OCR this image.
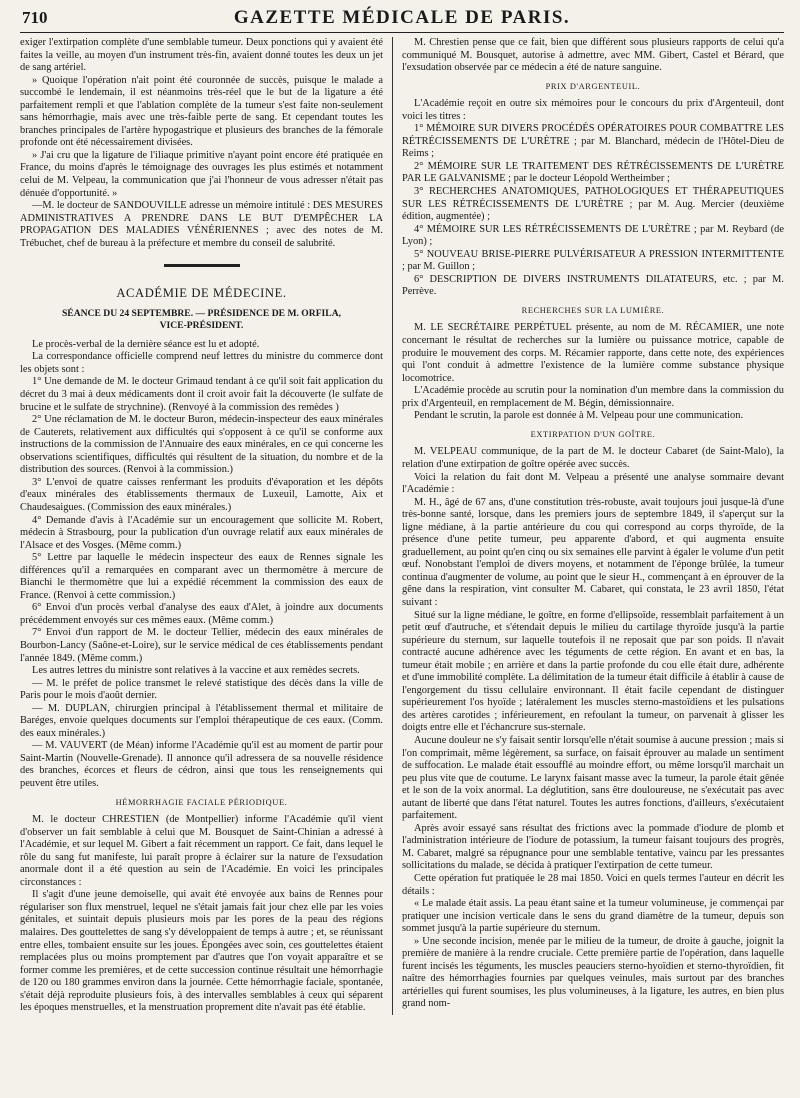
710	GAZETTE MÉDICALE DE PARIS.

exiger l'extirpation complète d'une semblable tumeur. Deux ponctions qui y avaient été faites la veille, au moyen d'un instrument très-fin, avaient donné toutes les deux un jet de sang artériel.

» Quoique l'opération n'ait point été couronnée de succès, puisque le malade a succombé le lendemain, il est néanmoins très-réel que le but de la ligature a été parfaitement rempli et que l'ablation complète de la tumeur s'est faite non-seulement sans hémorrhagie, mais avec une très-faible perte de sang. Et cependant toutes les branches principales de l'artère hypogastrique et plusieurs des branches de la fémorale profonde ont été nécessairement divisées.

» J'ai cru que la ligature de l'iliaque primitive n'ayant point encore été pratiquée en France, du moins d'après le témoignage des ouvrages les plus estimés et notamment celui de M. Velpeau, la communication que j'ai l'honneur de vous adresser n'était pas dénuée d'opportunité. »

—M. le docteur de SANDOUVILLE adresse un mémoire intitulé : DES MESURES ADMINISTRATIVES A PRENDRE DANS LE BUT D'EMPÊCHER LA PROPAGATION DES MALADIES VÉNÉRIENNES ; avec des notes de M. Trébuchet, chef de bureau à la préfecture et membre du conseil de salubrité.

ACADÉMIE DE MÉDECINE.
SÉANCE DU 24 SEPTEMBRE. — PRÉSIDENCE DE M. ORFILA,
VICE-PRÉSIDENT.

Le procès-verbal de la dernière séance est lu et adopté.

La correspondance officielle comprend neuf lettres du ministre du commerce dont les objets sont :

1° Une demande de M. le docteur Grimaud tendant à ce qu'il soit fait application du décret du 3 mai à deux médicaments dont il croit avoir fait la découverte (le sulfate de brucine et le sulfate de strychnine). (Renvoyé à la commission des remèdes )

2° Une réclamation de M. le docteur Buron, médecin-inspecteur des eaux minérales de Cauterets, relativement aux difficultés qui s'opposent à ce qu'il se conforme aux instructions de la commission de l'Annuaire des eaux minérales, en ce qui concerne les observations scientifiques, difficultés qui résultent de la situation, du nombre et de la distribution des sources. (Renvoi à la commission.)

3° L'envoi de quatre caisses renfermant les produits d'évaporation et les dépôts d'eaux minérales des établissements thermaux de Luxeuil, Lamotte, Aix et Chaudesaigues. (Commission des eaux minérales.)

4° Demande d'avis à l'Académie sur un encouragement que sollicite M. Robert, médecin à Strasbourg, pour la publication d'un ouvrage relatif aux eaux minérales de l'Alsace et des Vosges. (Même comm.)

5° Lettre par laquelle le médecin inspecteur des eaux de Rennes signale les différences qu'il a remarquées en comparant avec un thermomètre à mercure de Bianchi le thermomètre que lui a expédié récemment la commission des eaux de France. (Renvoi à cette commission.)

6° Envoi d'un procès verbal d'analyse des eaux d'Alet, à joindre aux documents précédemment envoyés sur ces mêmes eaux. (Même comm.)

7° Envoi d'un rapport de M. le docteur Tellier, médecin des eaux minérales de Bourbon-Lancy (Saône-et-Loire), sur le service médical de ces établissements pendant l'année 1849. (Même comm.)

Les autres lettres du ministre sont relatives à la vaccine et aux remèdes secrets.

— M. le préfet de police transmet le relevé statistique des décès dans la ville de Paris pour le mois d'août dernier.

— M. DUPLAN, chirurgien principal à l'établissement thermal et militaire de Baréges, envoie quelques documents sur l'emploi thérapeutique de ces eaux. (Comm. des eaux minérales.)

— M. VAUVERT (de Méan) informe l'Académie qu'il est au moment de partir pour Saint-Martin (Nouvelle-Grenade). Il annonce qu'il adressera de sa nouvelle résidence des branches, écorces et fleurs de cédron, ainsi que tous les renseignements qui peuvent être utiles.

HÉMORRHAGIE FACIALE PÉRIODIQUE.

M. le docteur CHRESTIEN (de Montpellier) informe l'Académie qu'il vient d'observer un fait semblable à celui que M. Bousquet de Saint-Chinian a adressé à l'Académie, et sur lequel M. Gibert a fait récemment un rapport. Ce fait, dans lequel le rôle du sang fut manifeste, lui paraît propre à éclairer sur la nature de l'exsudation anormale dont il a été question au sein de l'Académie. En voici les principales circonstances :

Il s'agit d'une jeune demoiselle, qui avait été envoyée aux bains de Rennes pour régulariser son flux menstruel, lequel ne s'était jamais fait jour chez elle par les voies génitales, et suintait depuis plusieurs mois par les pores de la peau des régions malaires. Des gouttelettes de sang s'y développaient de temps à autre ; et, se réunissant entre elles, tombaient ensuite sur les joues. Épongées avec soin, ces gouttelettes étaient remplacées plus ou moins promptement par d'autres que l'on voyait apparaître et se former comme les premières, et de cette succession continue résultait une hémorrhagie de 120 ou 180 grammes environ dans la journée. Cette hémorrhagie faciale, spontanée, s'était déjà reproduite plusieurs fois, à des intervalles semblables à ceux qui séparent les époques menstruelles, et la menstruation proprement dite n'avait pas été établie.

M. Chrestien pense que ce fait, bien que différent sous plusieurs rapports de celui qu'a communiqué M. Bousquet, autorise à admettre, avec MM. Gibert, Castel et Bérard, que l'exsudation observée par ce médecin a été de nature sanguine.

PRIX D'ARGENTEUIL.

L'Académie reçoit en outre six mémoires pour le concours du prix d'Argenteuil, dont voici les titres :

1° MÉMOIRE SUR DIVERS PROCÉDÉS OPÉRATOIRES POUR COMBATTRE LES RÉTRÉCISSEMENTS DE L'URÈTRE ; par M. Blanchard, médecin de l'Hôtel-Dieu de Reims ;

2° MÉMOIRE SUR LE TRAITEMENT DES RÉTRÉCISSEMENTS DE L'URÈTRE PAR LE GALVANISME ; par le docteur Léopold Wertheimber ;

3° RECHERCHES ANATOMIQUES, PATHOLOGIQUES ET THÉRAPEUTIQUES SUR LES RÉTRÉCISSEMENTS DE L'URÈTRE ; par M. Aug. Mercier (deuxième édition, augmentée) ;

4° MÉMOIRE SUR LES RÉTRÉCISSEMENTS DE L'URÈTRE ; par M. Reybard (de Lyon) ;

5° NOUVEAU BRISE-PIERRE PULVÉRISATEUR A PRESSION INTERMITTENTE ; par M. Guillon ;

6° DESCRIPTION DE DIVERS INSTRUMENTS DILATATEURS, etc. ; par M. Perrève.

RECHERCHES SUR LA LUMIÈRE.

M. LE SECRÉTAIRE PERPÉTUEL présente, au nom de M. RÉCAMIER, une note concernant le résultat de recherches sur la lumière ou puissance motrice, capable de produire le mouvement des corps. M. Récamier rapporte, dans cette note, des expériences qui l'ont conduit à admettre l'existence de la lumière comme substance physique locomotrice.

L'Académie procède au scrutin pour la nomination d'un membre dans la commission du prix d'Argenteuil, en remplacement de M. Bégin, démissionnaire.

Pendant le scrutin, la parole est donnée à M. Velpeau pour une communication.

EXTIRPATION D'UN GOÎTRE.

M. VELPEAU communique, de la part de M. le docteur Cabaret (de Saint-Malo), la relation d'une extirpation de goître opérée avec succès.

Voici la relation du fait dont M. Velpeau a présenté une analyse sommaire devant l'Académie :

M. H., âgé de 67 ans, d'une constitution très-robuste, avait toujours joui jusque-là d'une très-bonne santé, lorsque, dans les premiers jours de septembre 1849, il s'aperçut sur la ligne médiane, à la partie antérieure du cou qui correspond au corps thyroïde, de la présence d'une petite tumeur, peu apparente d'abord, et qui augmenta ensuite graduellement, au point qu'en cinq ou six semaines elle parvint à égaler le volume d'un petit œuf. Nonobstant l'emploi de divers moyens, et notamment de l'éponge brûlée, la tumeur continua d'augmenter de volume, au point que le sieur H., commençant à en éprouver de la gêne dans la respiration, vint consulter M. Cabaret, qui constata, le 23 avril 1850, l'état suivant :

Situé sur la ligne médiane, le goître, en forme d'ellipsoïde, ressemblait parfaitement à un petit œuf d'autruche, et s'étendait depuis le milieu du cartilage thyroïde jusqu'à la partie supérieure du sternum, sur laquelle toutefois il ne reposait que par son poids. Il n'avait contracté aucune adhérence avec les téguments de cette région. En avant et en bas, la tumeur était mobile ; en arrière et dans la partie profonde du cou elle était dure, adhérente et d'une immobilité complète. La délimitation de la tumeur était difficile à établir à cause de l'engorgement du tissu cellulaire environnant. Il était facile cependant de distinguer supérieurement l'os hyoïde ; latéralement les muscles sterno-mastoïdiens et les pulsations des artères carotides ; inférieurement, en refoulant la tumeur, on parvenait à glisser les doigts entre elle et l'échancrure sus-sternale.

Aucune douleur ne s'y faisait sentir lorsqu'elle n'était soumise à aucune pression ; mais si l'on comprimait, même légèrement, sa surface, on faisait éprouver au malade un sentiment de suffocation. Le malade était essoufflé au moindre effort, ou même lorsqu'il marchait un peu plus vite que de coutume. Le larynx faisant masse avec la tumeur, la parole était gênée et le son de la voix anormal. La déglutition, sans être douloureuse, ne s'exécutait pas avec autant de liberté que dans l'état naturel. Toutes les autres fonctions, d'ailleurs, s'exécutaient parfaitement.

Après avoir essayé sans résultat des frictions avec la pommade d'iodure de plomb et l'administration intérieure de l'iodure de potassium, la tumeur faisant toujours des progrès, M. Cabaret, malgré sa répugnance pour une semblable tentative, vaincu par les pressantes sollicitations du malade, se décida à pratiquer l'extirpation de cette tumeur.

Cette opération fut pratiquée le 28 mai 1850. Voici en quels termes l'auteur en décrit les détails :

« Le malade était assis. La peau étant saine et la tumeur volumineuse, je commençai par pratiquer une incision verticale dans le sens du grand diamètre de la tumeur, depuis son sommet jusqu'à la partie supérieure du sternum.

» Une seconde incision, menée par le milieu de la tumeur, de droite à gauche, joignit la première de manière à la rendre cruciale. Cette première partie de l'opération, dans laquelle furent incisés les téguments, les muscles peauciers sterno-hyoïdien et sterno-thyroïdien, fit naître des hémorrhagies fournies par quelques veinules, mais surtout par des branches artérielles qui furent soumises, les plus volumineuses, à la ligature, les autres, en bien plus grand nom-
